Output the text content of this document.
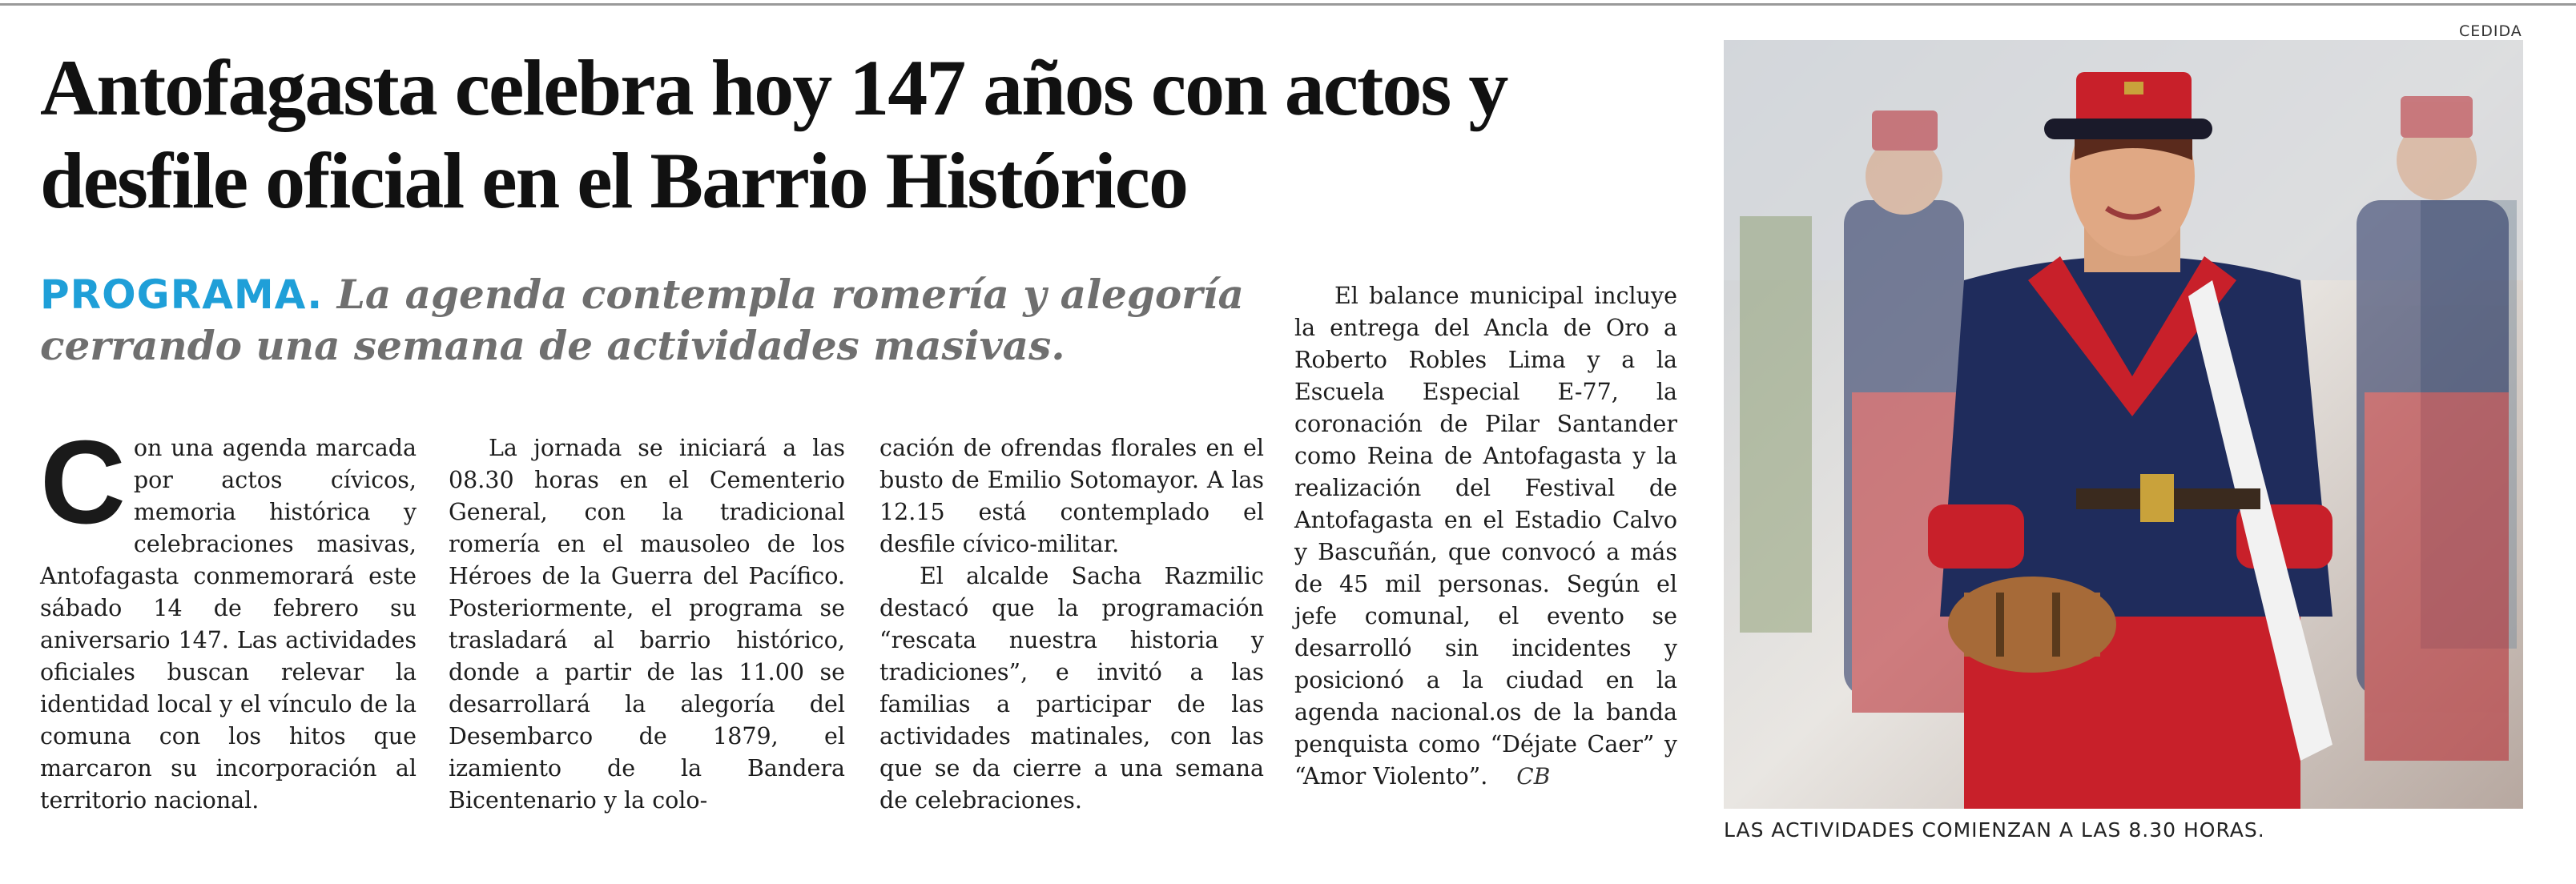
Antofagasta celebra hoy 147 años con actos y desfile oficial en el Barrio Histórico
PROGRAMA. La agenda contempla romería y alegoría cerrando una semana de actividades masivas.
C on una agenda marcada por actos cívicos, memoria histórica y celebraciones masivas, Antofagasta conmemorará este sábado 14 de febrero su aniversario 147. Las actividades oficiales buscan relevar la identidad local y el vínculo de la comuna con los hitos que marcaron su incorporación al territorio nacional.

La jornada se iniciará a las 08.30 horas en el Cementerio General, con la tradicional romería en el mausoleo de los Héroes de la Guerra del Pacífico. Posteriormente, el programa se trasladará al barrio histórico, donde a partir de las 11.00 se desarrollará la alegoría del Desembarco de 1879, el izamiento de la Bandera Bicentenario y la colo-

cación de ofrendas florales en el busto de Emilio Sotomayor. A las 12.15 está contemplado el desfile cívico-militar.

El alcalde Sacha Razmilic destacó que la programación “rescata nuestra historia y tradiciones”, e invitó a las familias a participar de las actividades matinales, con las que se da cierre a una semana de celebraciones.

El balance municipal incluye la entrega del Ancla de Oro a Roberto Robles Lima y a la Escuela Especial E-77, la coronación de Pilar Santander como Reina de Antofagasta y la realización del Festival de Antofagasta en el Estadio Calvo y Bascuñán, que convocó a más de 45 mil personas. Según el jefe comunal, el evento se desarrolló sin incidentes y posicionó a la ciudad en la agenda nacional.os de la banda penquista como “Déjate Caer” y “Amor Violento”. CB

CEDIDA
LAS ACTIVIDADES COMIENZAN A LAS 8.30 HORAS.
